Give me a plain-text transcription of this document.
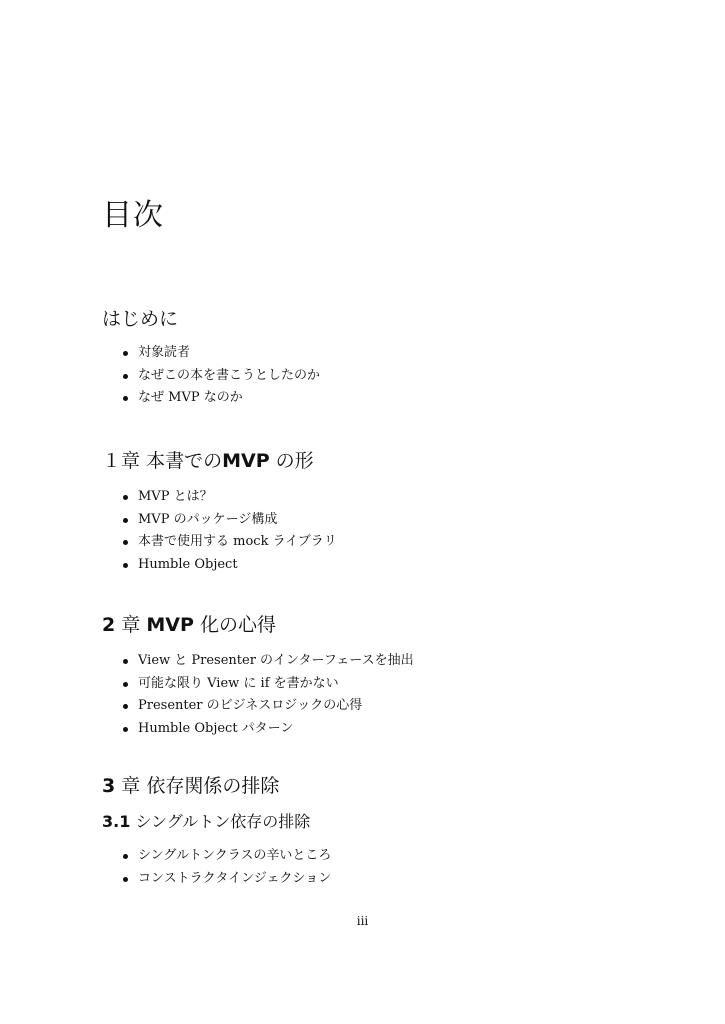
目次
はじめに
対象読者
なぜこの本を書こうとしたのか
なぜ MVP なのか
１章 本書でのMVP の形
MVP とは？
MVP のパッケージ構成
本書で使用する mock ライブラリ
Humble Object
2 章 MVP 化の心得
View と Presenter のインターフェースを抽出
可能な限り View に if を書かない
Presenter のビジネスロジックの心得
Humble Object パターン
3 章 依存関係の排除
3.1 シングルトン依存の排除
シングルトンクラスの辛いところ
コンストラクタインジェクション
iii
